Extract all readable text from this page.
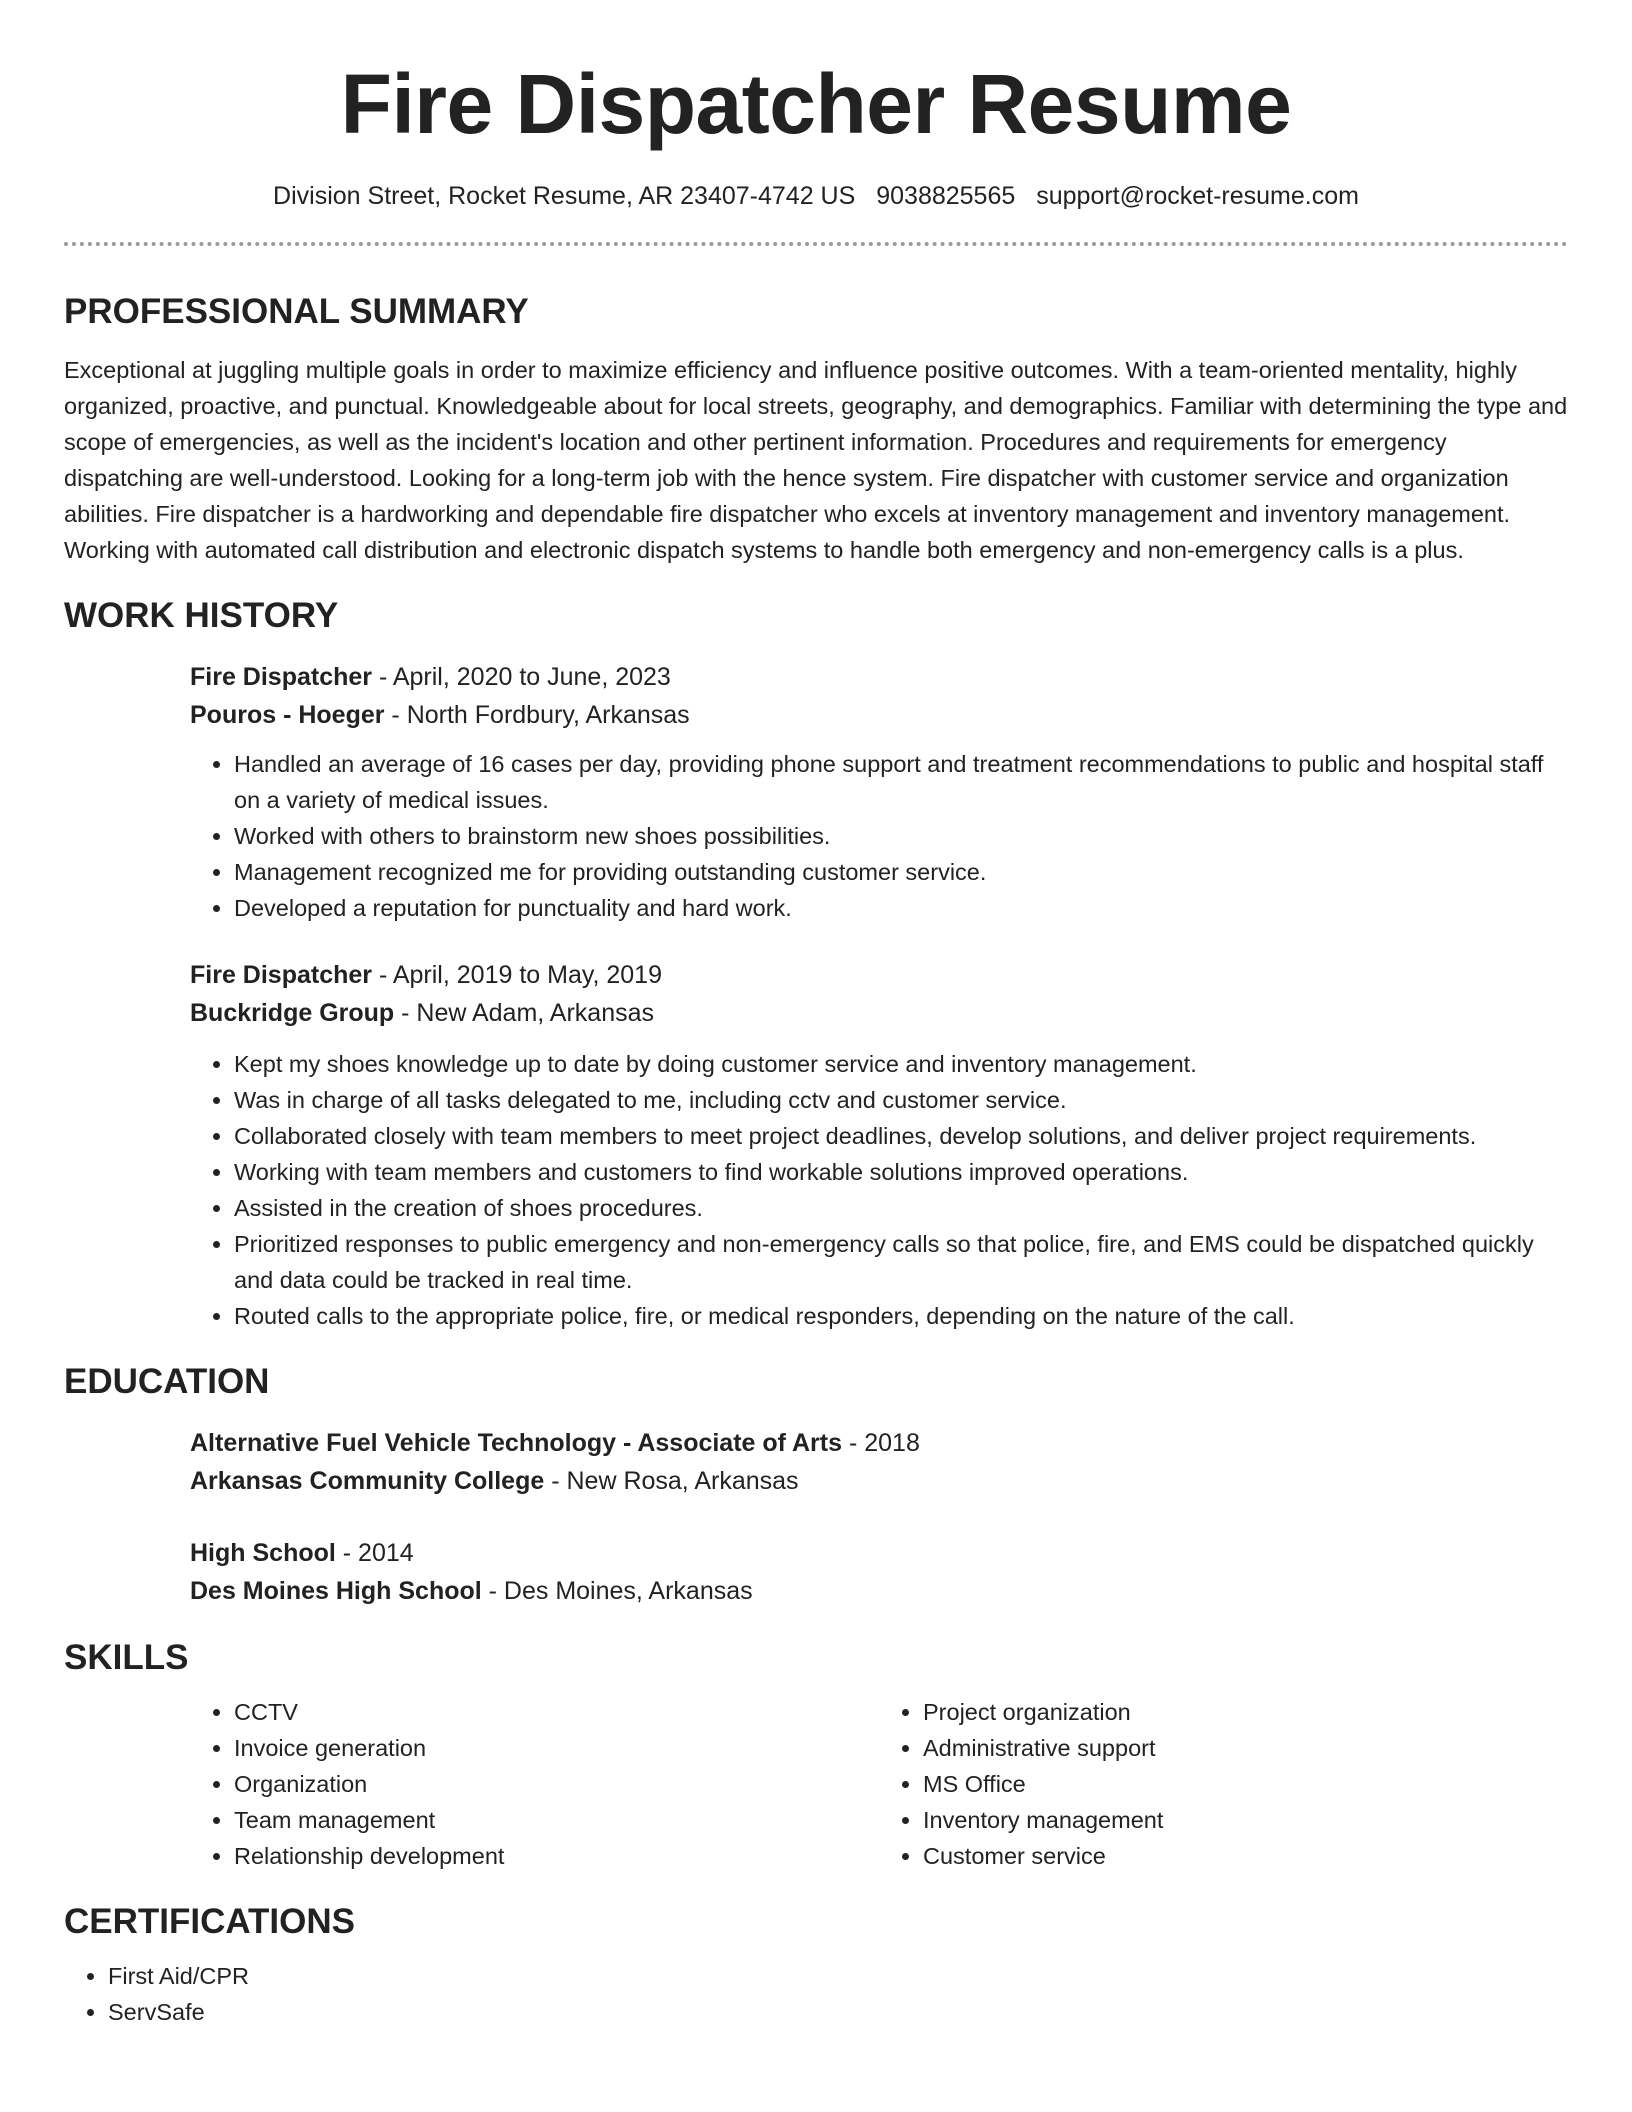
Fire Dispatcher Resume
Division Street, Rocket Resume, AR 23407-4742 US 9038825565 support@rocket-resume.com
PROFESSIONAL SUMMARY

Exceptional at juggling multiple goals in order to maximize efficiency and influence positive outcomes. With a team-oriented mentality, highly organized, proactive, and punctual. Knowledgeable about for local streets, geography, and demographics. Familiar with determining the type and scope of emergencies, as well as the incident's location and other pertinent information. Procedures and requirements for emergency dispatching are well-understood. Looking for a long-term job with the hence system. Fire dispatcher with customer service and organization abilities. Fire dispatcher is a hardworking and dependable fire dispatcher who excels at inventory management and inventory management. Working with automated call distribution and electronic dispatch systems to handle both emergency and non-emergency calls is a plus.

WORK HISTORY

Fire Dispatcher - April, 2020 to June, 2023

Pouros - Hoeger - North Fordbury, Arkansas

• Handled an average of 16 cases per day, providing phone support and treatment recommendations to public and hospital staff on a variety of medical issues.
• Worked with others to brainstorm new shoes possibilities.
• Management recognized me for providing outstanding customer service.
• Developed a reputation for punctuality and hard work.

Fire Dispatcher - April, 2019 to May, 2019

Buckridge Group - New Adam, Arkansas

• Kept my shoes knowledge up to date by doing customer service and inventory management.
• Was in charge of all tasks delegated to me, including cctv and customer service.
• Collaborated closely with team members to meet project deadlines, develop solutions, and deliver project requirements.
• Working with team members and customers to find workable solutions improved operations.
• Assisted in the creation of shoes procedures.
• Prioritized responses to public emergency and non-emergency calls so that police, fire, and EMS could be dispatched quickly and data could be tracked in real time.
• Routed calls to the appropriate police, fire, or medical responders, depending on the nature of the call.
EDUCATION

Alternative Fuel Vehicle Technology - Associate of Arts - 2018

Arkansas Community College - New Rosa, Arkansas

High School - 2014

Des Moines High School - Des Moines, Arkansas

SKILLS
• CCTV
• Invoice generation
• Organization
• Team management
• Relationship development
• Project organization
• Administrative support
• MS Office
• Inventory management
• Customer service
CERTIFICATIONS
• First Aid/CPR
• ServSafe
